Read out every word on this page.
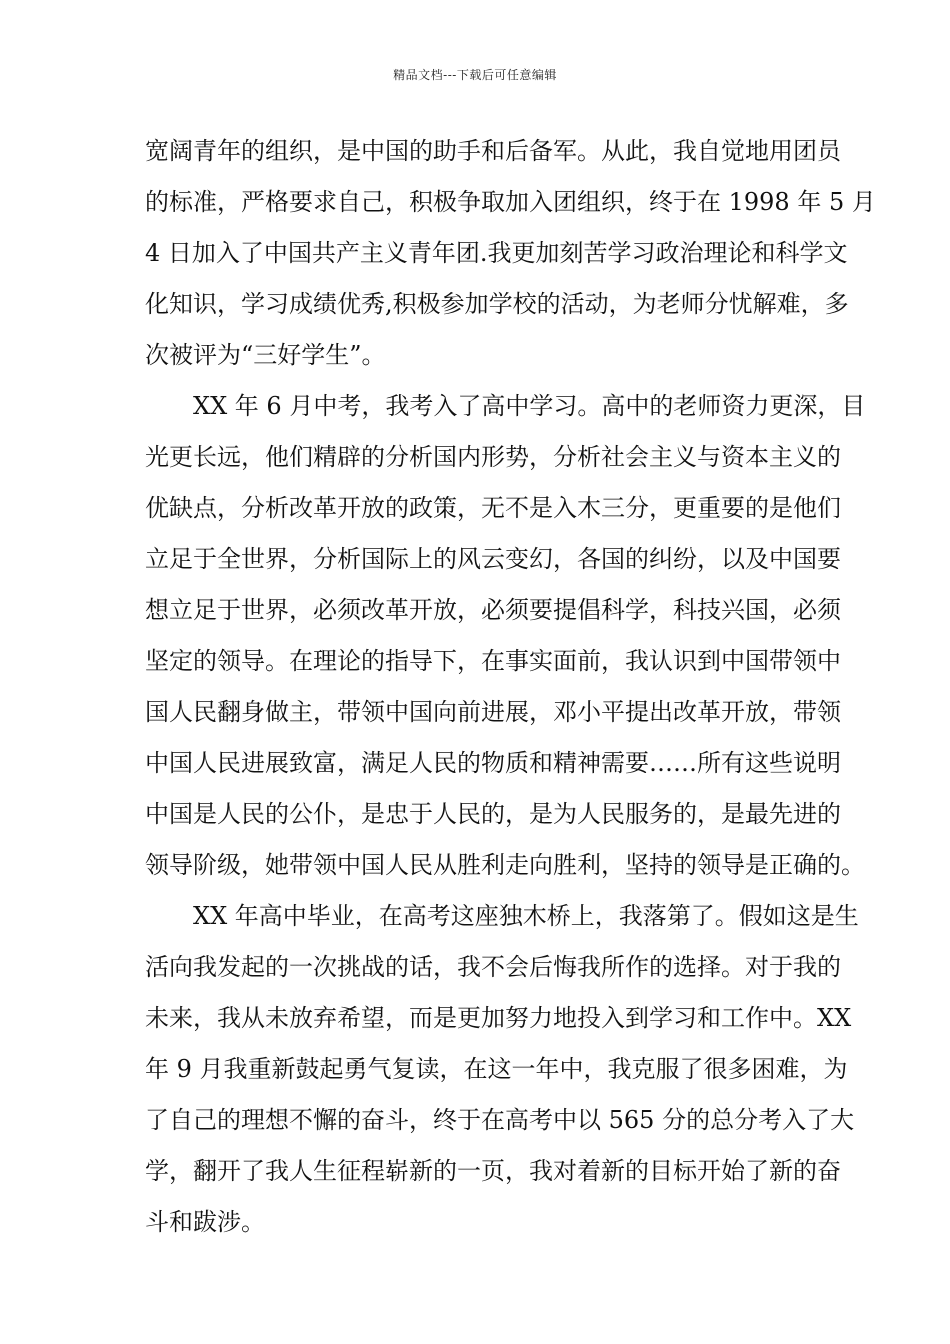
精品文档---下载后可任意编辑
宽阔青年的组织，是中国的助手和后备军。从此，我自觉地用团员
的标准，严格要求自己，积极争取加入团组织，终于在 1998 年 5 月
4 日加入了中国共产主义青年团.我更加刻苦学习政治理论和科学文
化知识，学习成绩优秀,积极参加学校的活动，为老师分忧解难，多
次被评为“三好学生”。
XX 年 6 月中考，我考入了高中学习。高中的老师资力更深，目
光更长远，他们精辟的分析国内形势，分析社会主义与资本主义的
优缺点，分析改革开放的政策，无不是入木三分，更重要的是他们
立足于全世界，分析国际上的风云变幻，各国的纠纷，以及中国要
想立足于世界，必须改革开放，必须要提倡科学，科技兴国，必须
坚定的领导。在理论的指导下，在事实面前，我认识到中国带领中
国人民翻身做主，带领中国向前进展，邓小平提出改革开放，带领
中国人民进展致富，满足人民的物质和精神需要……所有这些说明
中国是人民的公仆，是忠于人民的，是为人民服务的，是最先进的
领导阶级，她带领中国人民从胜利走向胜利，坚持的领导是正确的。
XX 年高中毕业，在高考这座独木桥上，我落第了。假如这是生
活向我发起的一次挑战的话，我不会后悔我所作的选择。对于我的
未来，我从未放弃希望，而是更加努力地投入到学习和工作中。XX
年 9 月我重新鼓起勇气复读，在这一年中，我克服了很多困难，为
了自己的理想不懈的奋斗，终于在高考中以 565 分的总分考入了大
学，翻开了我人生征程崭新的一页，我对着新的目标开始了新的奋
斗和跋涉。
